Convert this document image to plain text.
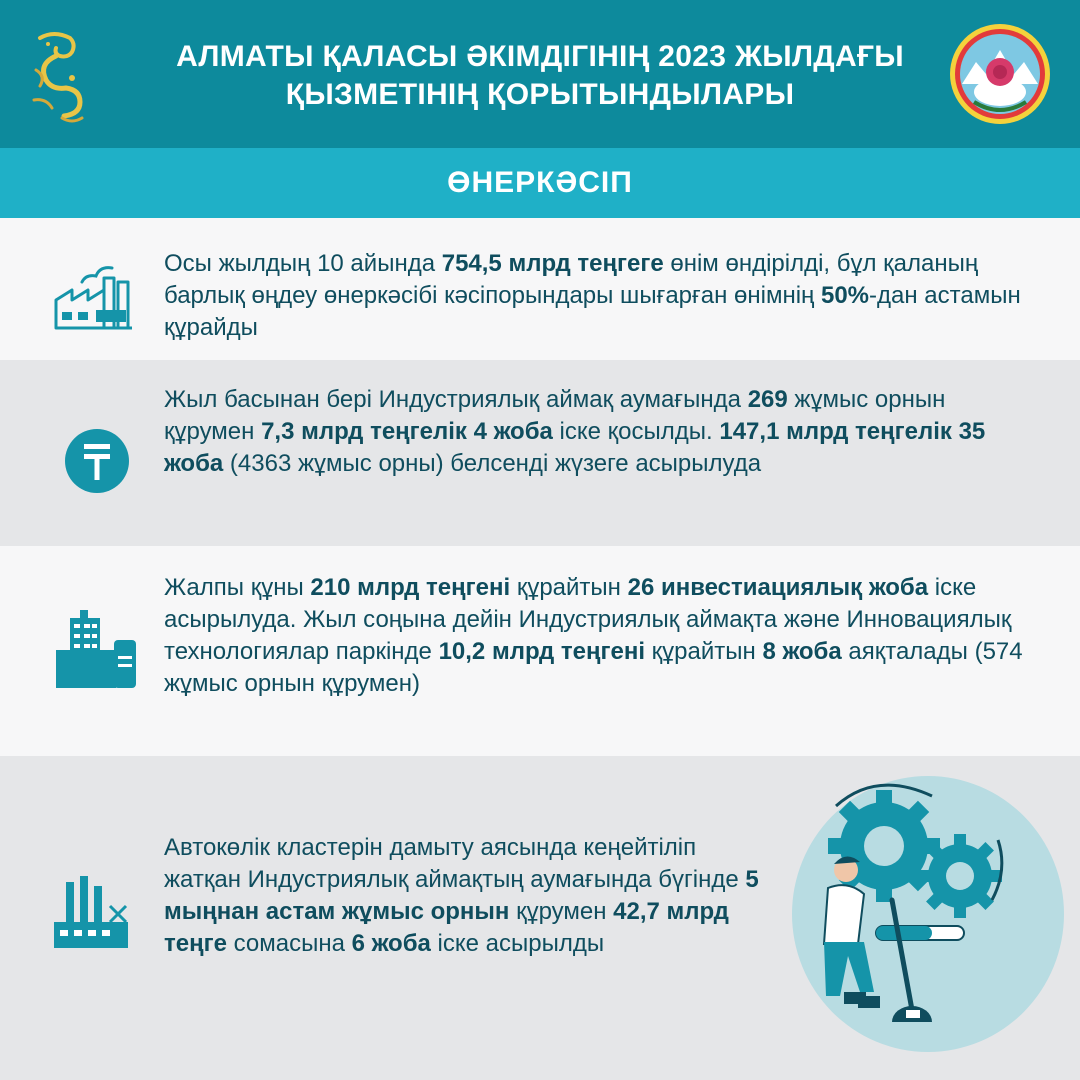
АЛМАТЫ ҚАЛАСЫ ӘКІМДІГІНІҢ 2023 ЖЫЛДАҒЫ
ҚЫЗМЕТІНІҢ ҚОРЫТЫНДЫЛАРЫ
ӨНЕРКӘСІП
Осы жылдың 10 айында 754,5 млрд теңгеге өнім өндірілді, бұл қаланың барлық өңдеу өнеркәсібі кәсіпорындары шығарған өнімнің 50%-дан астамын құрайды
Жыл басынан бері Индустриялық аймақ аумағында 269 жұмыс орнын құрумен 7,3 млрд теңгелік 4 жоба іске қосылды. 147,1 млрд теңгелік 35 жоба (4363 жұмыс орны) белсенді жүзеге асырылуда
Жалпы құны 210 млрд теңгені құрайтын 26 инвестиациялық жоба іске асырылуда. Жыл соңына дейін Индустриялық аймақта және Инновациялық технологиялар паркінде 10,2 млрд теңгені құрайтын 8 жоба аяқталады (574 жұмыс орнын құрумен)
Автокөлік кластерін дамыту аясында кеңейтіліп жатқан Индустриялық аймақтың аумағында бүгінде 5 мыңнан астам жұмыс орнын құрумен 42,7 млрд теңге сомасына 6 жоба іске асырылды
